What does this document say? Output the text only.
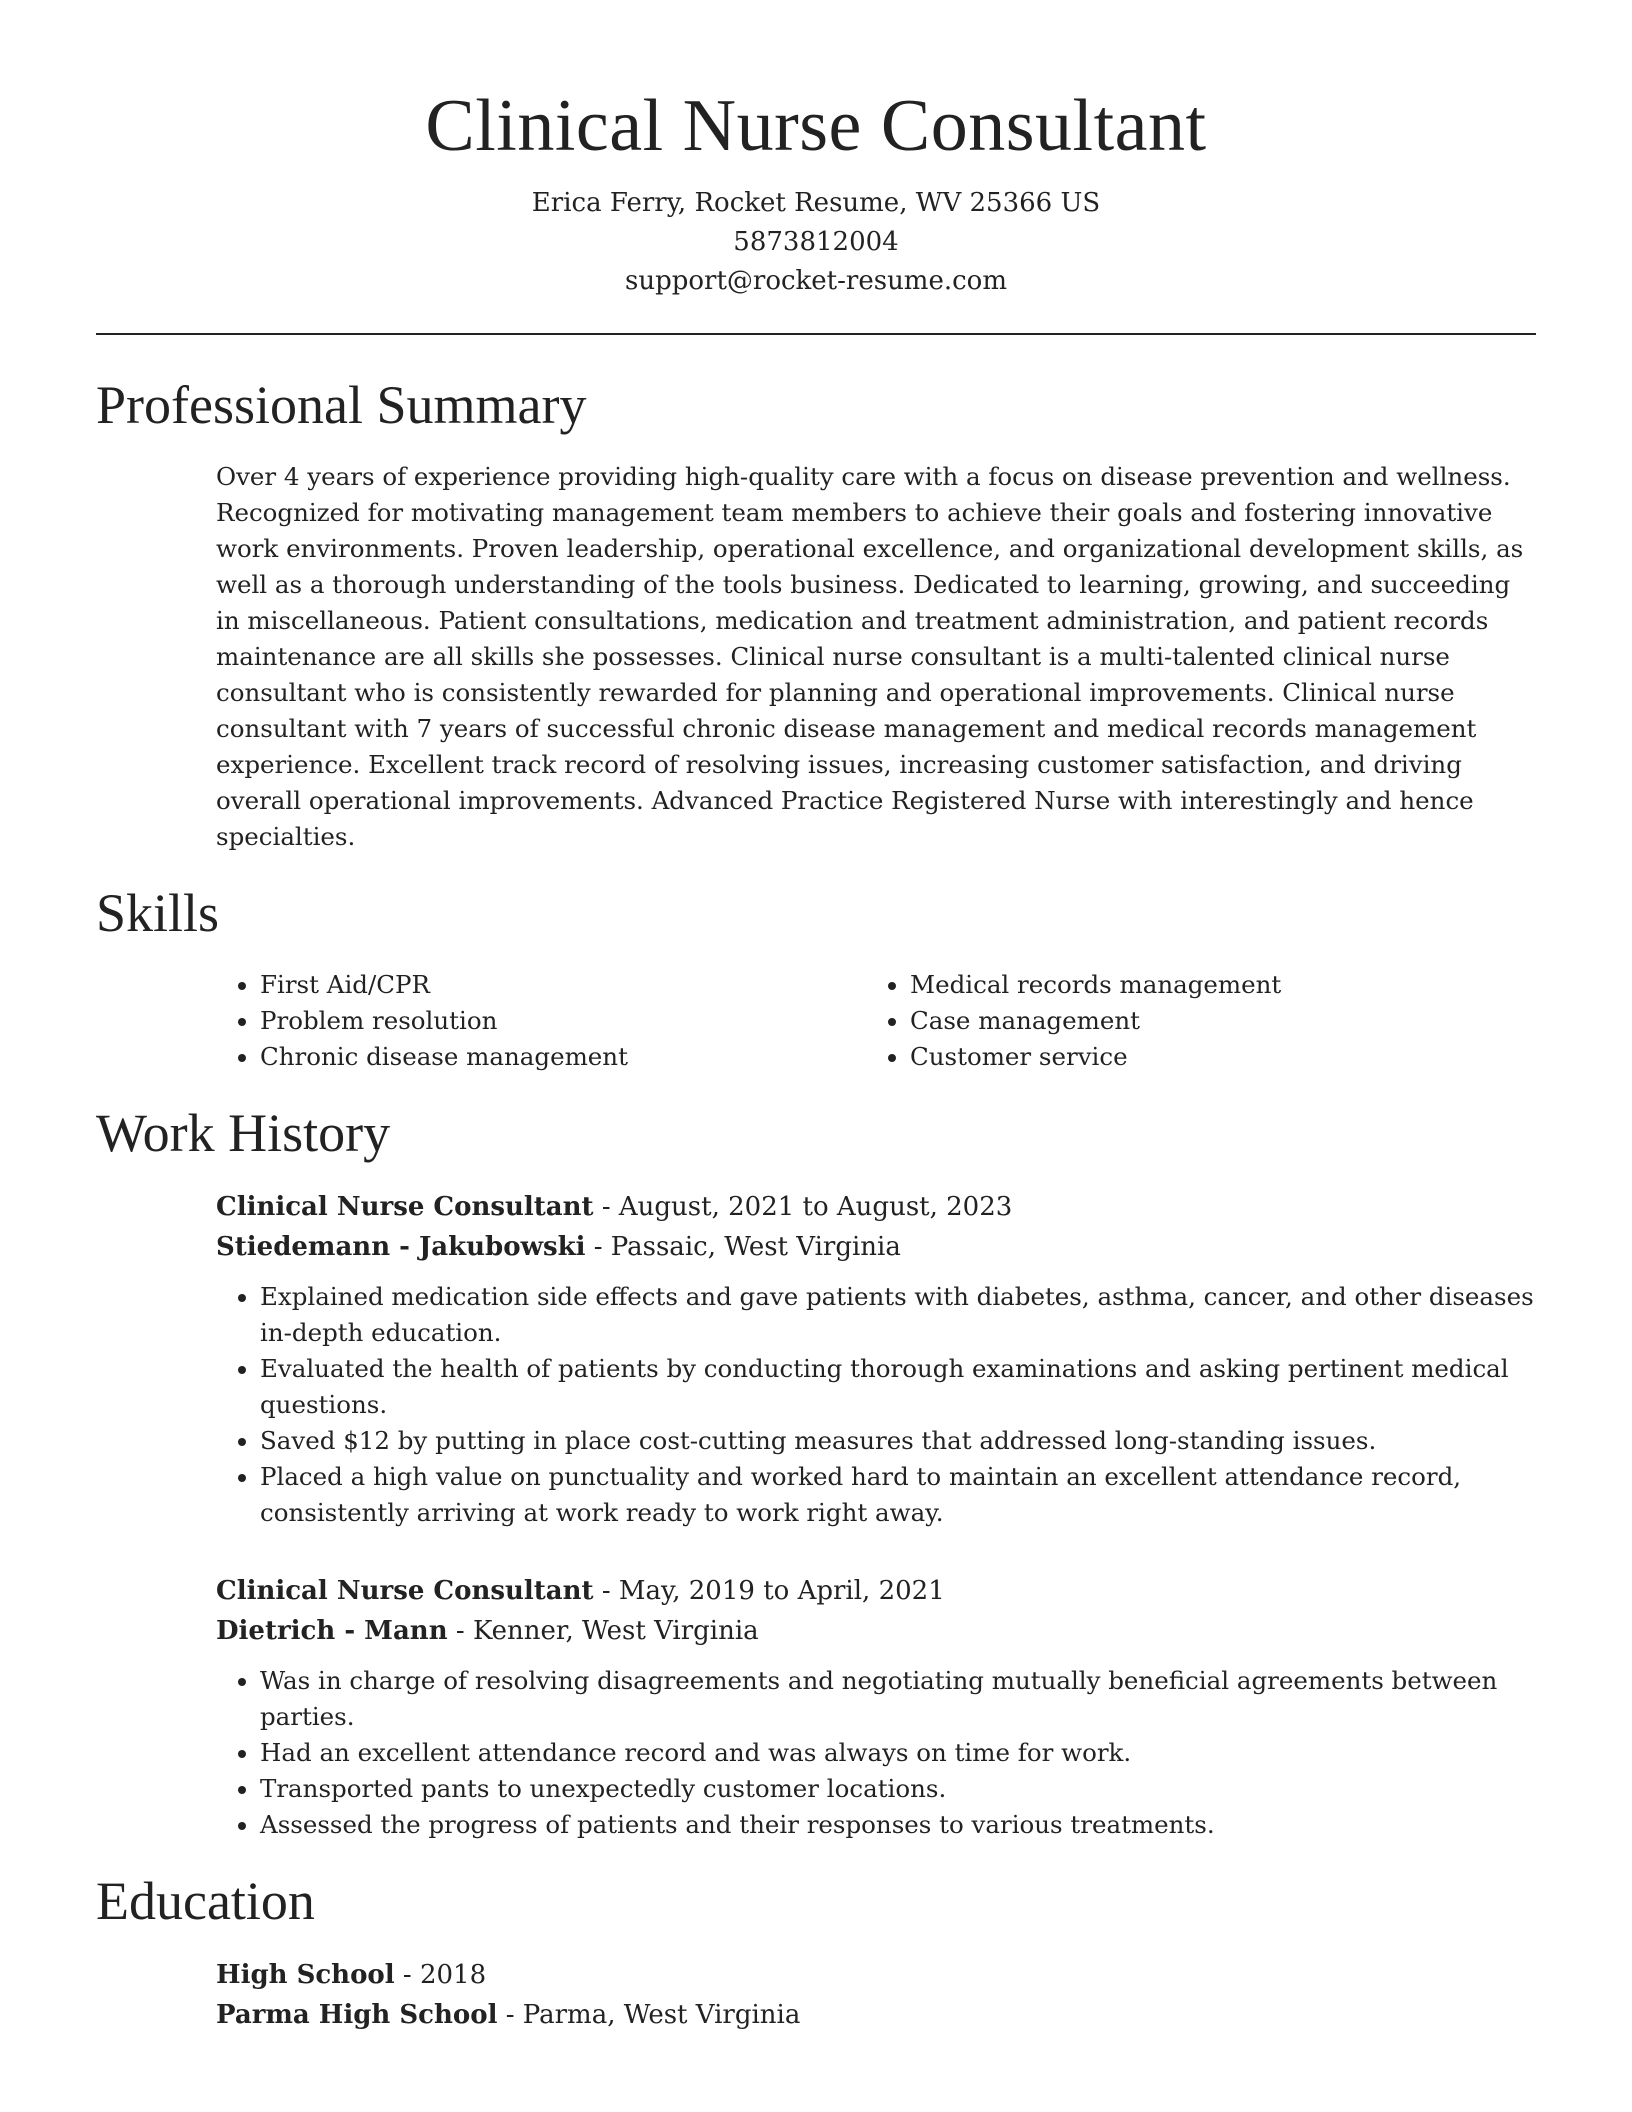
Clinical Nurse Consultant
Erica Ferry, Rocket Resume, WV 25366 US
5873812004
support@rocket-resume.com
Professional Summary

Over 4 years of experience providing high-quality care with a focus on disease prevention and wellness. Recognized for motivating management team members to achieve their goals and fostering innovative work environments. Proven leadership, operational excellence, and organizational development skills, as well as a thorough understanding of the tools business. Dedicated to learning, growing, and succeeding in miscellaneous. Patient consultations, medication and treatment administration, and patient records maintenance are all skills she possesses. Clinical nurse consultant is a multi-talented clinical nurse consultant who is consistently rewarded for planning and operational improvements. Clinical nurse consultant with 7 years of successful chronic disease management and medical records management experience. Excellent track record of resolving issues, increasing customer satisfaction, and driving overall operational improvements. Advanced Practice Registered Nurse with interestingly and hence specialties.

Skills
• First Aid/CPR
• Problem resolution
• Chronic disease management
• Medical records management
• Case management
• Customer service
Work History
Clinical Nurse Consultant - August, 2021 to August, 2023
Stiedemann - Jakubowski - Passaic, West Virginia
• Explained medication side effects and gave patients with diabetes, asthma, cancer, and other diseases in-depth education.
• Evaluated the health of patients by conducting thorough examinations and asking pertinent medical questions.
• Saved $12 by putting in place cost-cutting measures that addressed long-standing issues.
• Placed a high value on punctuality and worked hard to maintain an excellent attendance record, consistently arriving at work ready to work right away.
Clinical Nurse Consultant - May, 2019 to April, 2021
Dietrich - Mann - Kenner, West Virginia
• Was in charge of resolving disagreements and negotiating mutually beneficial agreements between parties.
• Had an excellent attendance record and was always on time for work.
• Transported pants to unexpectedly customer locations.
• Assessed the progress of patients and their responses to various treatments.
Education
High School - 2018
Parma High School - Parma, West Virginia
